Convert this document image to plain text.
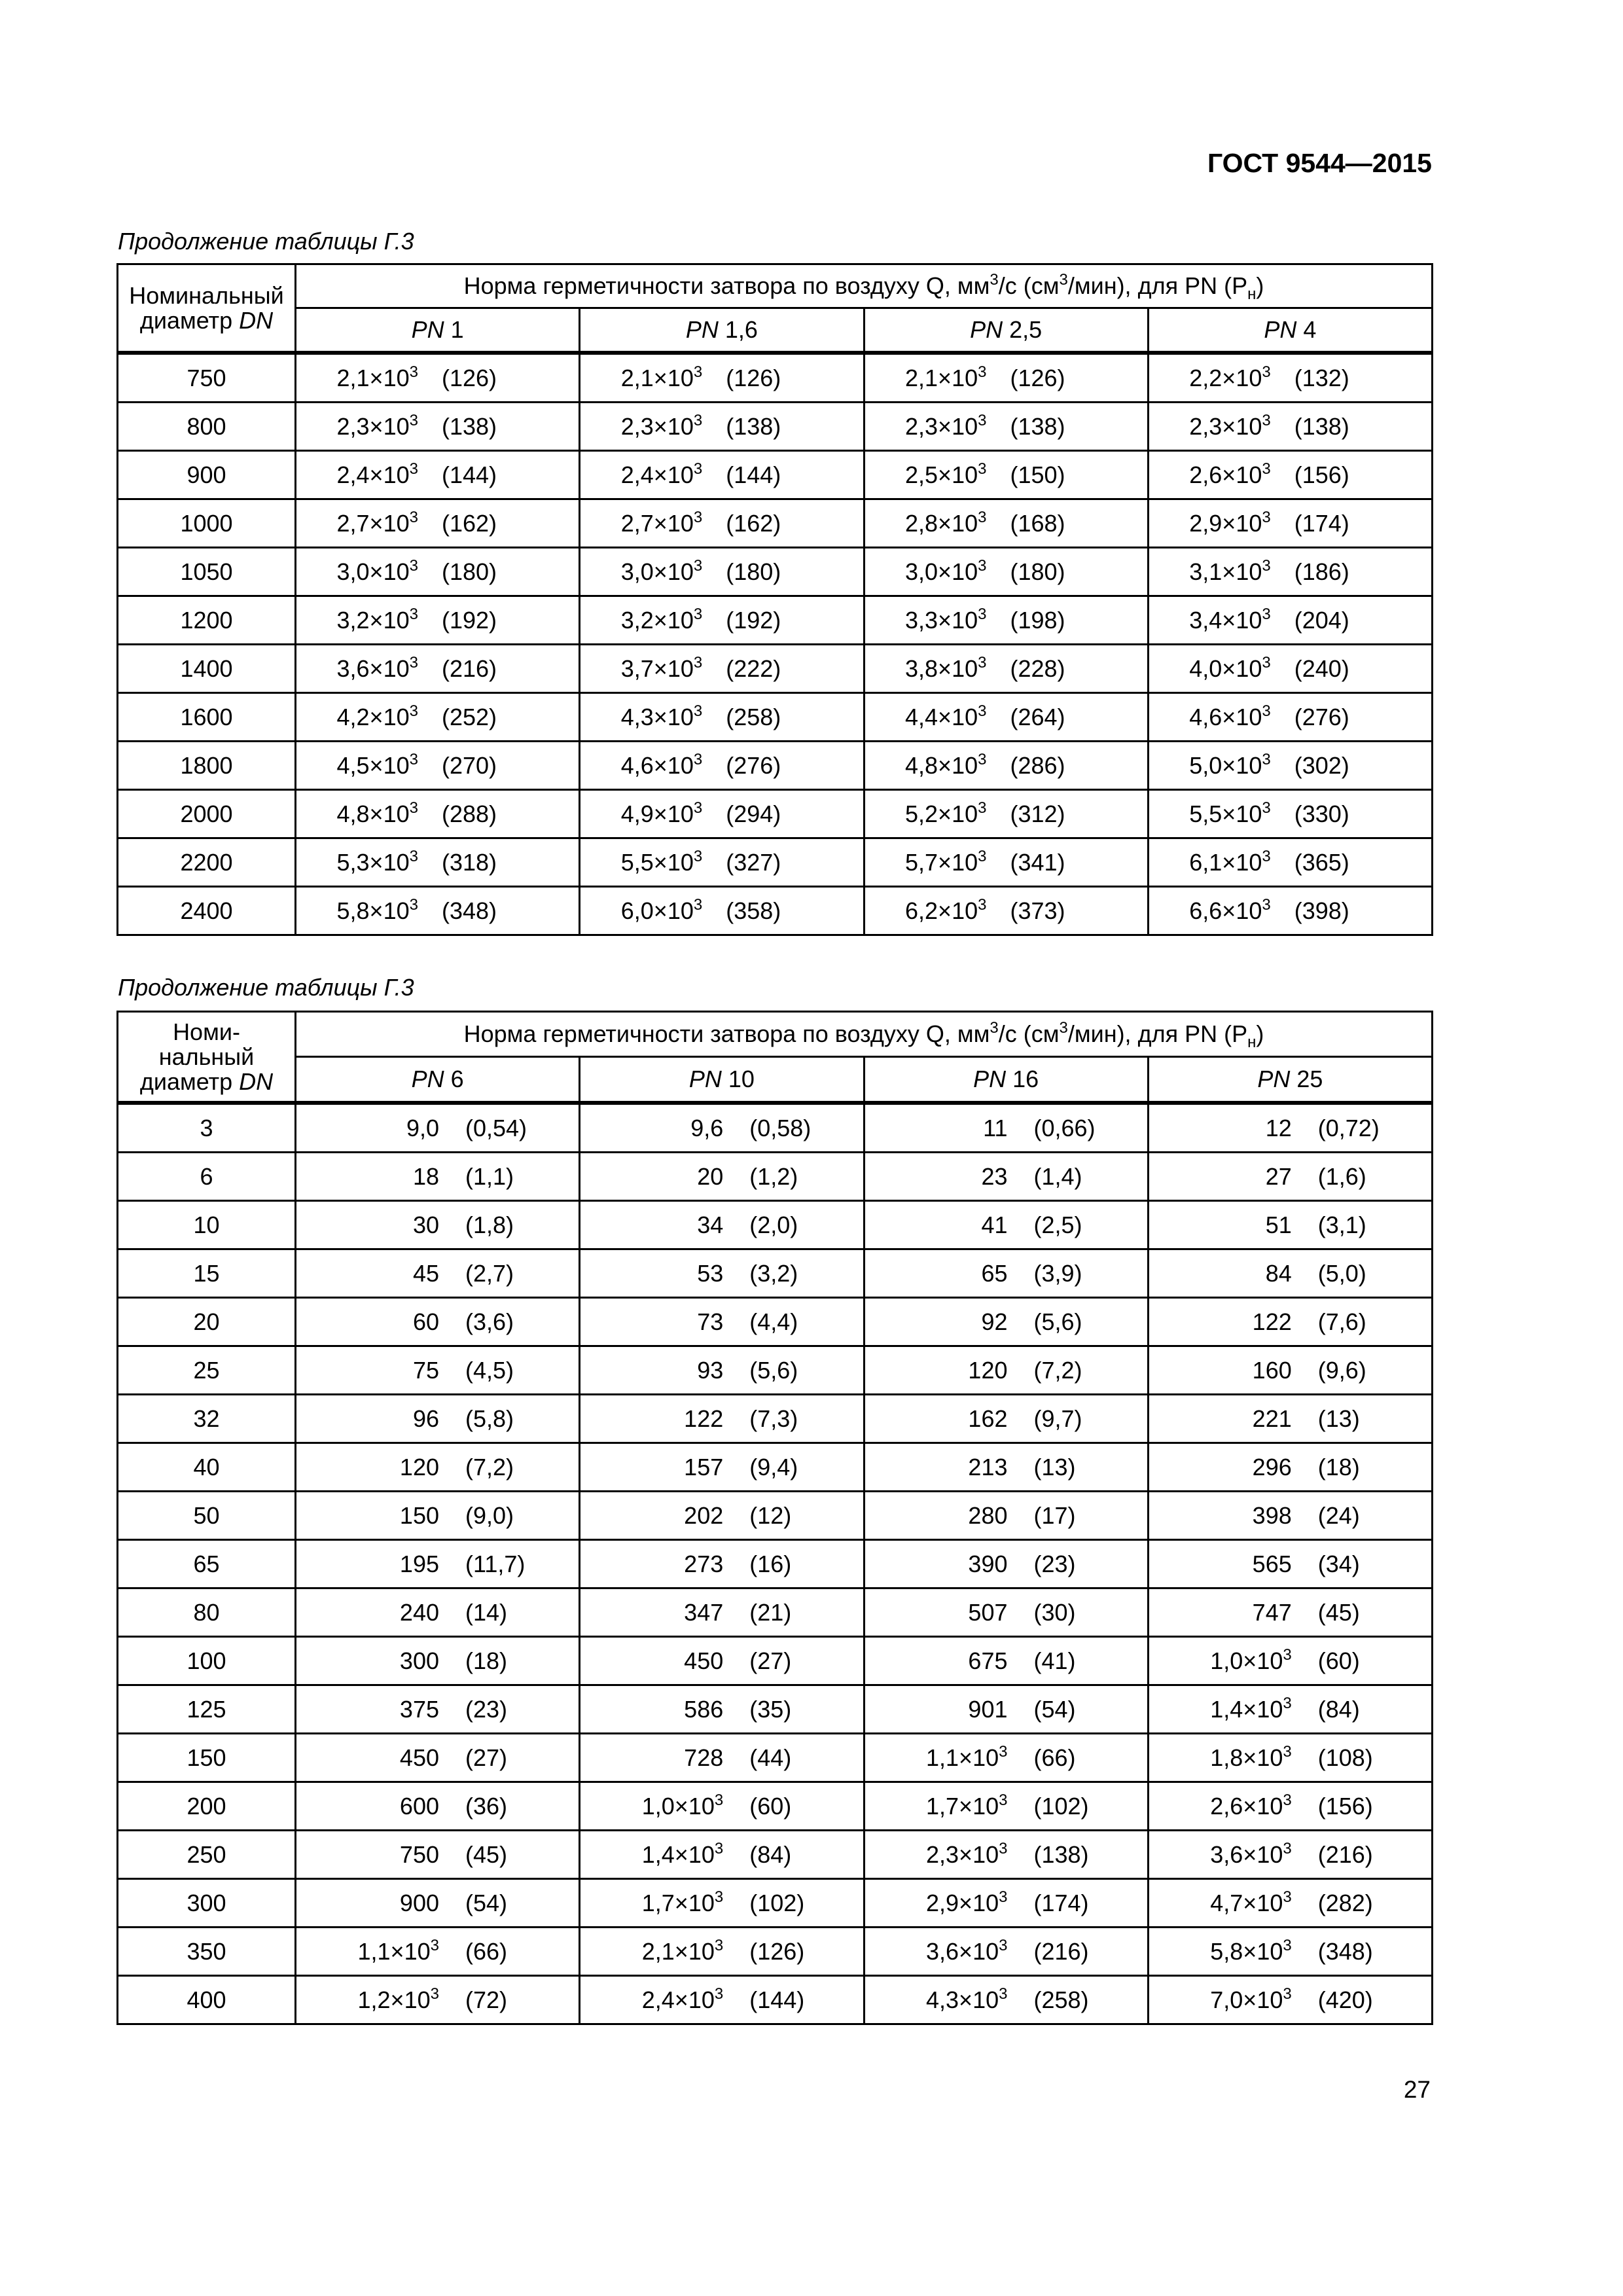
ГОСТ 9544—2015
Продолжение таблицы Г.3
Номинальный
диаметр DN	Норма герметичности затвора по воздуху Q, $мм^3/с$ $(см^3/мин)$, для PN $(P_н)$			
	PN 1	PN 1,6	PN 2,5	PN 4
750	$2,1\times 10^3$ (126)	$2,1\times 10^3$ (126)	$2,1\times 10^3$ (126)	$2,2\times 10^3$ (132)

800	$2,3\times 10^3$ (138)	$2,3\times 10^3$ (138)	$2,3\times 10^3$ (138)	$2,3\times 10^3$ (138)

900	$2,4\times 10^3$ (144)	$2,4\times 10^3$ (144)	$2,5\times 10^3$ (150)	$2,6\times 10^3$ (156)

1000	$2,7\times 10^3$ (162)	$2,7\times 10^3$ (162)	$2,8\times 10^3$ (168)	$2,9\times 10^3$ (174)

1050	$3,0\times 10^3$ (180)	$3,0\times 10^3$ (180)	$3,0\times 10^3$ (180)	$3,1\times 10^3$ (186)

1200	$3,2\times 10^3$ (192)	$3,2\times 10^3$ (192)	$3,3\times 10^3$ (198)	$3,4\times 10^3$ (204)

1400	$3,6\times 10^3$ (216)	$3,7\times 10^3$ (222)	$3,8\times 10^3$ (228)	$4,0\times 10^3$ (240)

1600	$4,2\times 10^3$ (252)	$4,3\times 10^3$ (258)	$4,4\times 10^3$ (264)	$4,6\times 10^3$ (276)

1800	$4,5\times 10^3$ (270)	$4,6\times 10^3$ (276)	$4,8\times 10^3$ (286)	$5,0\times 10^3$ (302)

2000	$4,8\times 10^3$ (288)	$4,9\times 10^3$ (294)	$5,2\times 10^3$ (312)	$5,5\times 10^3$ (330)

2200	$5,3\times 10^3$ (318)	$5,5\times 10^3$ (327)	$5,7\times 10^3$ (341)	$6,1\times 10^3$ (365)

2400	$5,8\times 10^3$ (348)	$6,0\times 10^3$ (358)	$6,2\times 10^3$ (373)	$6,6\times 10^3$ (398)
Продолжение таблицы Г.3
Номи-
нальный
диаметр DN	Норма герметичности затвора по воздуху Q, $мм^3/с$ $(см^3/мин)$, для PN $(P_н)$			
	PN 6	PN 10	PN 16	PN 25
3	9,0 (0,54)	9,6 (0,58)	11 (0,66)	12 (0,72)

6	18 (1,1)	20 (1,2)	23 (1,4)	27 (1,6)

10	30 (1,8)	34 (2,0)	41 (2,5)	51 (3,1)

15	45 (2,7)	53 (3,2)	65 (3,9)	84 (5,0)

20	60 (3,6)	73 (4,4)	92 (5,6)	122 (7,6)

25	75 (4,5)	93 (5,6)	120 (7,2)	160 (9,6)

32	96 (5,8)	122 (7,3)	162 (9,7)	221 (13)

40	120 (7,2)	157 (9,4)	213 (13)	296 (18)

50	150 (9,0)	202 (12)	280 (17)	398 (24)

65	195 (11,7)	273 (16)	390 (23)	565 (34)

80	240 (14)	347 (21)	507 (30)	747 (45)

100	300 (18)	450 (27)	675 (41)	$1,0\times 10^3$ (60)

125	375 (23)	586 (35)	901 (54)	$1,4\times 10^3$ (84)

150	450 (27)	728 (44)	$1,1\times 10^3$ (66)	$1,8\times 10^3$ (108)

200	600 (36)	$1,0\times 10^3$ (60)	$1,7\times 10^3$ (102)	$2,6\times 10^3$ (156)

250	750 (45)	$1,4\times 10^3$ (84)	$2,3\times 10^3$ (138)	$3,6\times 10^3$ (216)

300	900 (54)	$1,7\times 10^3$ (102)	$2,9\times 10^3$ (174)	$4,7\times 10^3$ (282)

350	$1,1\times 10^3$ (66)	$2,1\times 10^3$ (126)	$3,6\times 10^3$ (216)	$5,8\times 10^3$ (348)

400	$1,2\times 10^3$ (72)	$2,4\times 10^3$ (144)	$4,3\times 10^3$ (258)	$7,0\times 10^3$ (420)
27
